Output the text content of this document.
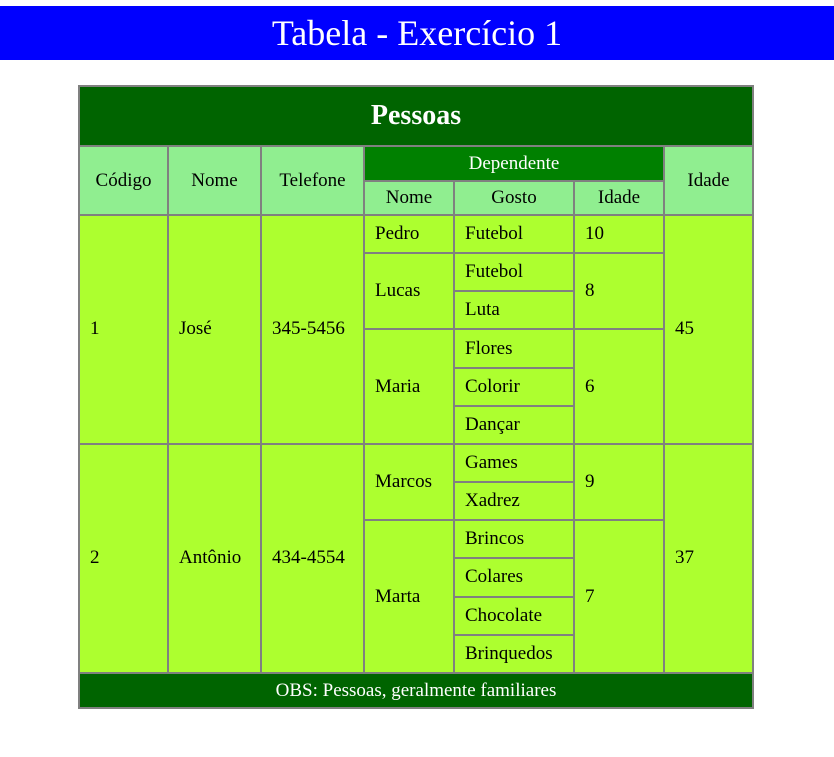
Tabela - Exercício 1
Pessoas						
Código	Nome	Telefone	Dependente			Idade
			Nome	Gosto	Idade	
1	José	345-5456	Pedro	Futebol	10	45
			Lucas	Futebol	8	
				Luta		
			Maria	Flores	6	
				Colorir		
				Dançar		
2	Antônio	434-4554	Marcos	Games	9	37
				Xadrez		
			Marta	Brincos	7	
				Colares		
				Chocolate		
				Brinquedos		
OBS: Pessoas, geralmente familiares						
